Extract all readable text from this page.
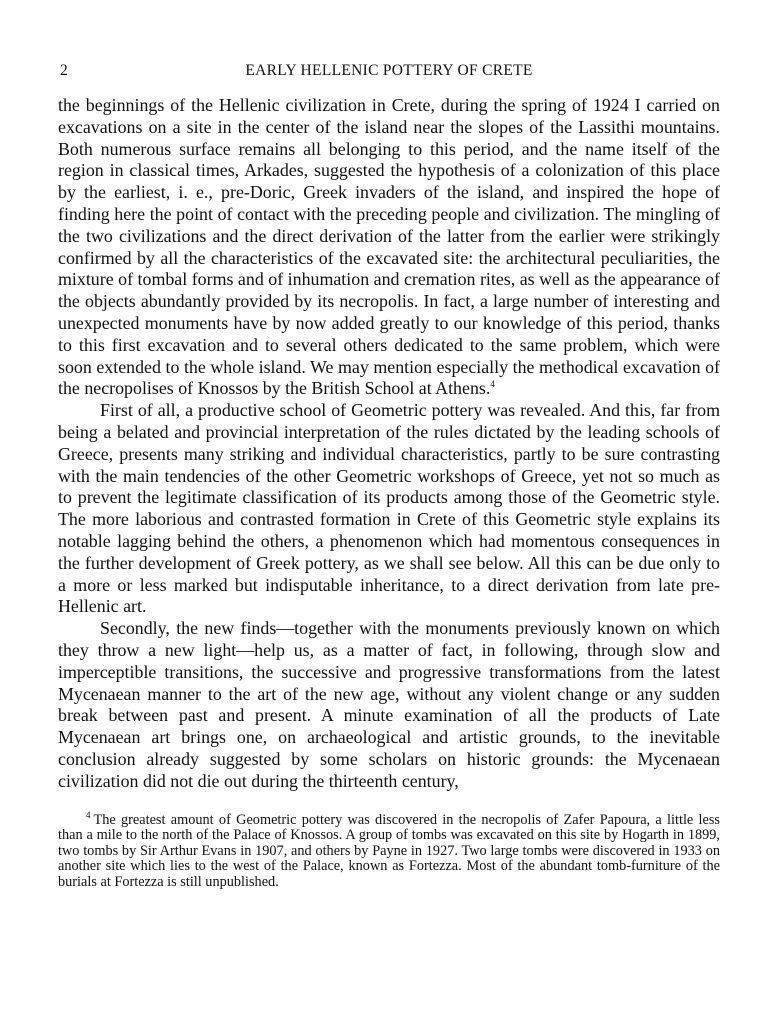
2	EARLY HELLENIC POTTERY OF CRETE

the beginnings of the Hellenic civilization in Crete, during the spring of 1924 I carried on excavations on a site in the center of the island near the slopes of the Lassithi mountains. Both numerous surface remains all belonging to this period, and the name itself of the region in classical times, Arkades, suggested the hypothesis of a colonization of this place by the earliest, i. e., pre-Doric, Greek invaders of the island, and inspired the hope of finding here the point of contact with the preceding people and civilization. The mingling of the two civilizations and the direct derivation of the latter from the earlier were strikingly confirmed by all the characteristics of the excavated site: the architectural peculiarities, the mixture of tombal forms and of inhumation and cremation rites, as well as the appearance of the objects abundantly provided by its necropolis. In fact, a large number of interesting and unexpected monuments have by now added greatly to our knowledge of this period, thanks to this first excavation and to several others dedicated to the same problem, which were soon extended to the whole island. We may mention especially the methodical excavation of the necropolises of Knossos by the British School at Athens.$^4$

First of all, a productive school of Geometric pottery was revealed. And this, far from being a belated and provincial interpretation of the rules dictated by the leading schools of Greece, presents many striking and individual characteristics, partly to be sure contrasting with the main tendencies of the other Geometric workshops of Greece, yet not so much as to prevent the legitimate classification of its products among those of the Geometric style. The more laborious and contrasted formation in Crete of this Geometric style explains its notable lagging behind the others, a phenomenon which had momentous consequences in the further development of Greek pottery, as we shall see below. All this can be due only to a more or less marked but indisputable inheritance, to a direct derivation from late pre-Hellenic art.

Secondly, the new finds—together with the monuments previously known on which they throw a new light—help us, as a matter of fact, in following, through slow and imperceptible transitions, the successive and progressive transformations from the latest Mycenaean manner to the art of the new age, without any violent change or any sudden break between past and present. A minute examination of all the products of Late Mycenaean art brings one, on archaeological and artistic grounds, to the inevitable conclusion already suggested by some scholars on historic grounds: the Mycenaean civilization did not die out during the thirteenth century,

$^4$ The greatest amount of Geometric pottery was discovered in the necropolis of Zafer Papoura, a little less than a mile to the north of the Palace of Knossos. A group of tombs was excavated on this site by Hogarth in 1899, two tombs by Sir Arthur Evans in 1907, and others by Payne in 1927. Two large tombs were discovered in 1933 on another site which lies to the west of the Palace, known as Fortezza. Most of the abundant tomb-furniture of the burials at Fortezza is still unpublished.
